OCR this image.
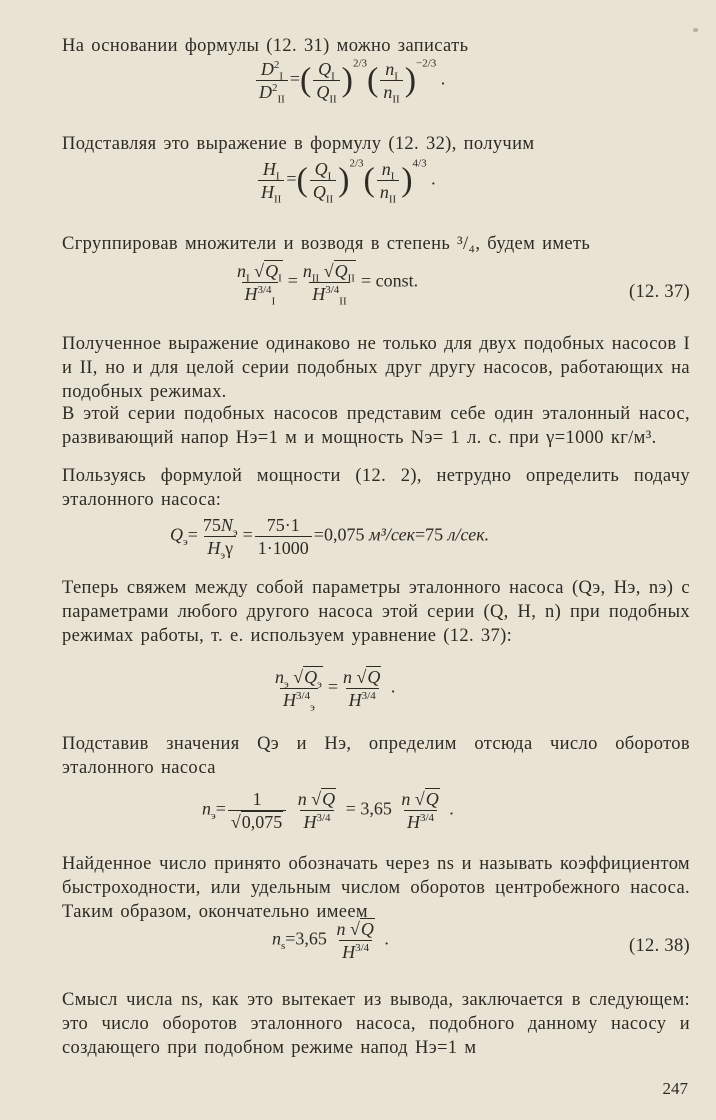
На основании формулы (12. 31) можно записать
$\frac{D^2_I}{D^2_{II}}$ =( $\frac{Q_I}{Q_{II}} )^{2/3}( \frac{n_I}{n_{II}} )^{-2/3}$ .
Подставляя это выражение в формулу (12. 32), получим
$\frac{H_I}{H_{II}}$ =( $\frac{Q_I}{Q_{II}} )^{2/3}( \frac{n_I}{n_{II}} )^{4/3}$ .
Сгруппировав множители и возводя в степень ³/₄, будем иметь
$\frac{n_I √Q_I}{H^{3/4}_I} = \frac{n_{II} √Q_{II}}{H^{3/4}_{II}}$ = const.
(12. 37)
Полученное выражение одинаково не только для двух подобных насосов I и II, но и для целой серии подобных друг другу насосов, работающих на подобных режимах.
В этой серии подобных насосов представим себе один эталонный насос, развивающий напор Hэ=1 м и мощность Nэ= 1 л. с. при γ=1000 кг/м³.
Пользуясь формулой мощности (12. 2), нетрудно определить подачу эталонного насоса:
$Q_э= \frac{75N_э}{H_э\gamma} = \frac{75\cdot 1}{1\cdot 1000} =0,075$ м³/сек=75 л/сек.
Теперь свяжем между собой параметры эталонного насоса (Qэ, Hэ, nэ) с параметрами любого другого насоса этой серии (Q, H, n) при подобных режимах работы, т. е. используем уравнение (12. 37):
$\frac{n_э √Q_э}{H^{3/4}_э} = \frac{n √Q}{H^{3/4}}$ .
Подставив значения Qэ и Hэ, определим отсюда число оборотов эталонного насоса
$n_э= \frac{1}{√0,075}$
$\frac{n √Q}{H^{3/4}} = 3,65 \frac{n √Q}{H^{3/4}}$ .
Найденное число принято обозначать через ns и называть коэффициентом быстроходности, или удельным числом оборотов центробежного насоса. Таким образом, окончательно имеем
$n_s=3,65 \frac{n √Q}{H^{3/4}}$ .	(12. 38)
Смысл числа ns, как это вытекает из вывода, заключается в следующем: это число оборотов эталонного насоса, подобного данному насосу и создающего при подобном режиме напод Hэ=1 м
247
